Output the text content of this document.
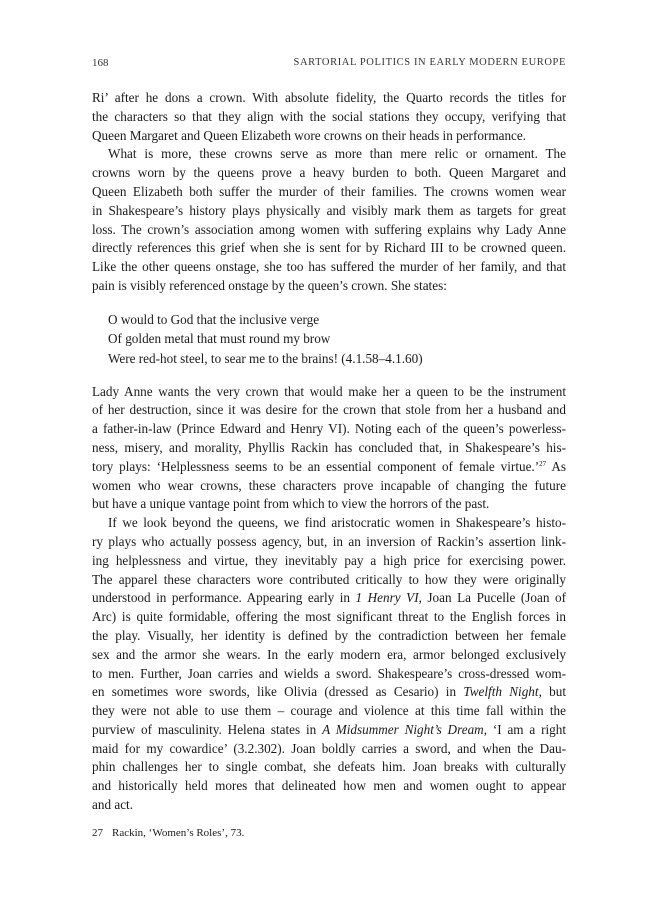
168	SARTORIAL POLITICS IN EARLY MODERN EUROPE
Ri’ after he dons a crown. With absolute fidelity, the Quarto records the titles for
the characters so that they align with the social stations they occupy, verifying that
Queen Margaret and Queen Elizabeth wore crowns on their heads in performance.
What is more, these crowns serve as more than mere relic or ornament. The
crowns worn by the queens prove a heavy burden to both. Queen Margaret and
Queen Elizabeth both suffer the murder of their families. The crowns women wear
in Shakespeare’s history plays physically and visibly mark them as targets for great
loss. The crown’s association among women with suffering explains why Lady Anne
directly references this grief when she is sent for by Richard III to be crowned queen.
Like the other queens onstage, she too has suffered the murder of her family, and that
pain is visibly referenced onstage by the queen’s crown. She states:
O would to God that the inclusive verge
Of golden metal that must round my brow
Were red-hot steel, to sear me to the brains! (4.1.58–4.1.60)
Lady Anne wants the very crown that would make her a queen to be the instrument
of her destruction, since it was desire for the crown that stole from her a husband and
a father-in-law (Prince Edward and Henry VI). Noting each of the queen’s powerless-
ness, misery, and morality, Phyllis Rackin has concluded that, in Shakespeare’s his-
tory plays: ‘Helplessness seems to be an essential component of female virtue.’$^{27}$ As
women who wear crowns, these characters prove incapable of changing the future
but have a unique vantage point from which to view the horrors of the past.
If we look beyond the queens, we find aristocratic women in Shakespeare’s histo-
ry plays who actually possess agency, but, in an inversion of Rackin’s assertion link-
ing helplessness and virtue, they inevitably pay a high price for exercising power.
The apparel these characters wore contributed critically to how they were originally
understood in performance. Appearing early in 1 Henry VI, Joan La Pucelle (Joan of
Arc) is quite formidable, offering the most significant threat to the English forces in
the play. Visually, her identity is defined by the contradiction between her female
sex and the armor she wears. In the early modern era, armor belonged exclusively
to men. Further, Joan carries and wields a sword. Shakespeare’s cross-dressed wom-
en sometimes wore swords, like Olivia (dressed as Cesario) in Twelfth Night, but
they were not able to use them – courage and violence at this time fall within the
purview of masculinity. Helena states in A Midsummer Night’s Dream, ‘I am a right
maid for my cowardice’ (3.2.302). Joan boldly carries a sword, and when the Dau-
phin challenges her to single combat, she defeats him. Joan breaks with culturally
and historically held mores that delineated how men and women ought to appear
and act.
27 Rackin, ‘Women’s Roles’, 73.
